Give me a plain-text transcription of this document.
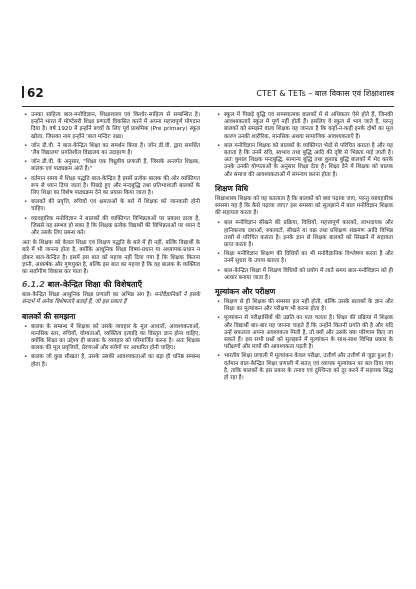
62	CTET & TETs – बाल विकास एवं शिक्षाशास्त्र
• उनका साहित्य बाल-मनोविज्ञान, शिक्षाशास्त्र एवं किशोर-साहित्य से सम्बन्धित है। इन्होंने भारत में मॉण्टेसरी शिक्षा प्रणाली विकसित करने में अपना महत्त्वपूर्ण योगदान दिया है। वर्ष 1920 में इन्होंने बच्चों के लिए पूर्व प्राथमिक (Pre primary) स्कूल खोला, जिसका नाम इन्होंने 'बाल मन्दिर' रखा।
• जॉन डी.वी. ने बाल-केन्द्रित शिक्षा का समर्थन किया है। जॉन डी.वी. द्वारा समर्थित 'लैब विद्यालय' प्रगतिशील विद्यालय का उदाहरण है।
• जॉन डी.वी. के अनुसार, "शिक्षा एक त्रिध्रुवीय प्रणाली है, जिसके अन्तर्गत शिक्षक, बालक एवं पाठ्यक्रम आते हैं।"
• वर्तमान समय में शिक्षा पद्धति बाल-केन्द्रित है इसमें प्रत्येक बालक की ओर व्यक्तिगत रूप से ध्यान दिया जाता है। पिछड़े हुए और मन्दबुद्धि तथा प्रतिभाशाली बालकों के लिए शिक्षा का विशेष पाठ्यक्रम देने का प्रयास किया जाता है।
• बालकों की प्रवृत्ति, रुचियों एवं क्षमताओं के बारे में शिक्षक को जानकारी होनी चाहिए।
• व्यावहारिक मनोविज्ञान ने बालकों की व्यक्तिगत विभिन्नताओं पर प्रकाश डाला है, जिससे यह सम्भव हो सका है कि शिक्षक प्रत्येक विद्यार्थी की विभिन्नताओं पर ध्यान दे और उसके लिए प्रबन्ध करे।

अतः के शिक्षक को केवल शिक्षा एवं शिक्षण पद्धति के बारे में ही नहीं, बल्कि विद्यार्थी के बारे में भी जानना होता है, क्योंकि आधुनिक शिक्षा विषय-प्रधान या अध्यापक-प्रधान न होकर बाल-केन्द्रित है। इसमें इस बात को महत्त्व नहीं दिया गया है कि शिक्षक कितना ज्ञानी, आकर्षक और गुणयुक्त है, बल्कि इस बात का महत्त्व है कि वह बालक के व्यक्तित्व का सर्वांगीण विकास कर पाता है।

6.1.2 बाल-केन्द्रित शिक्षा की विशेषताएँ

बाल-केन्द्रित शिक्षा आधुनिक शिक्षा प्रणाली का अभिन्न अंग है। मनोवैज्ञानिकों ने इसके सन्दर्भ में अनेक विशेषताएँ बताई हैं, जो इस प्रकार हैं

बालकों की समझना
• बालक के सम्बन्ध में शिक्षक को उसके व्यवहार के मूल आधारों, आवश्यकताओं, मानसिक स्तर, रुचियों, योग्यताओं, व्यक्तित्व इत्यादि का विस्तृत ज्ञान होना चाहिए, क्योंकि शिक्षा का उद्देश्य ही बालक के व्यवहार को परिमार्जित करना है। अतः शिक्षक बालक की मूल प्रवृत्तियों, प्रेरणाओं और संवेगों पर आधारित होनी चाहिए।
• बालक जो कुछ सीखता है, उसके उसकी आवश्यकताओं का बड़ा ही घनिष्ठ सम्बन्ध होता है।
• स्कूल में पिछड़े बुद्धि एवं समस्यात्मक बालकों में से अधिकतर ऐसे होते हैं, जिनकी आवश्यकताएँ स्कूल में पूर्ण नहीं होती हैं। इसलिए वे स्कूल से भाग जाते हैं, परन्तु बालकों को समझने वाला शिक्षक यह जानता है कि कहाँ-न-कहीं इनके दोषों का मूल कारण उनकी शारीरिक, मानसिक अथवा सामाजिक आवश्यकताएँ हैं।
• बाल मनोविज्ञान शिक्षक को बालकों के व्यक्तिगत भेदों से परिचित कराता है और यह बताता है कि उनमें रुचि, स्वभाव तथा बुद्धि आदि की दृष्टि से भिन्नता पाई जाती है। अतः कुशल शिक्षक मन्दबुद्धि, सामान्य बुद्धि तथा कुशाग्र बुद्धि बालकों में भेद करके उनके उनकी योग्यताओं के अनुसार शिक्षा देता है। शिक्षा देने में शिक्षक को बालक और समाज की आवश्यकताओं में समन्वय करना होता है।
शिक्षण विधि

शिक्षाशास्त्र शिक्षक को यह बतलाता है कि बालकों को क्या पढ़ाया जाए, परन्तु व्यावहारिक समस्या यह है कि कैसे पढ़ाया जाए? इस समस्या को सुलझाने में बाल मनोविज्ञान शिक्षक की सहायता करता है।

• बाल मनोविज्ञान सीखने की प्रक्रिया, विधियों, महत्त्वपूर्ण कारकों, लाभदायक और हानिकारक दशाओं, रुकावटों, सीखने या वक्र तथा प्रशिक्षण संक्रमण आदि विभिन्न तत्त्वों से परिचित कराता है। इनके ज्ञान से शिक्षक बालकों को सिखाने में सहायता प्राप्त करता है।
• शिक्षा मनोविज्ञान शिक्षण की विधियों का भी मनोवैज्ञानिक विश्लेषण करता है और उनमें सुधार के उपाय बताता है।
• बाल-केन्द्रित शिक्षा में शिक्षण विधियों को प्रयोग में लाते समय बाल-मनोविज्ञान को ही आधार बनाया जाता है।
मूल्यांकन और परीक्षण
• शिक्षण से ही शिक्षक की समस्या हल नहीं होती, बल्कि उसके बालकों के ज्ञान और शिक्षा का मूल्यांकन और परीक्षण भी करना होता है।
• मूल्यांकन से परीक्षार्थियों की उन्नति का पता चलता है। शिक्षा की प्रक्रिया में शिक्षक और विद्यार्थी बार-बार यह जानना चाहते हैं कि उन्होंने कितनी प्रगति की है और यदि उन्हें सफलता अपना अवश्यकता मिली है, तो क्यों और उसके क्या परिणाम किए जा सकते हैं। इस सभी प्रश्नों को सुलझाने में मूल्यांकन के साथ-साथ विभिन्न प्रकार के परीक्षणों और मापों की आवश्यकता पड़ती है।
• भारतीय शिक्षा प्रणाली में मूल्यांकन केवल परीक्षा, उत्तीर्ण और उत्तीर्ण से जुड़ा हुआ है। वर्तमान बाल-केन्द्रित शिक्षा प्रणाली में सतत् एवं व्यापक मूल्यांकन पर बल दिया गया है, ताकि बालकों के इस प्रकार के तनाव एवं दुश्चिन्ता को दूर करने में सहायक सिद्ध हो रहा है।
